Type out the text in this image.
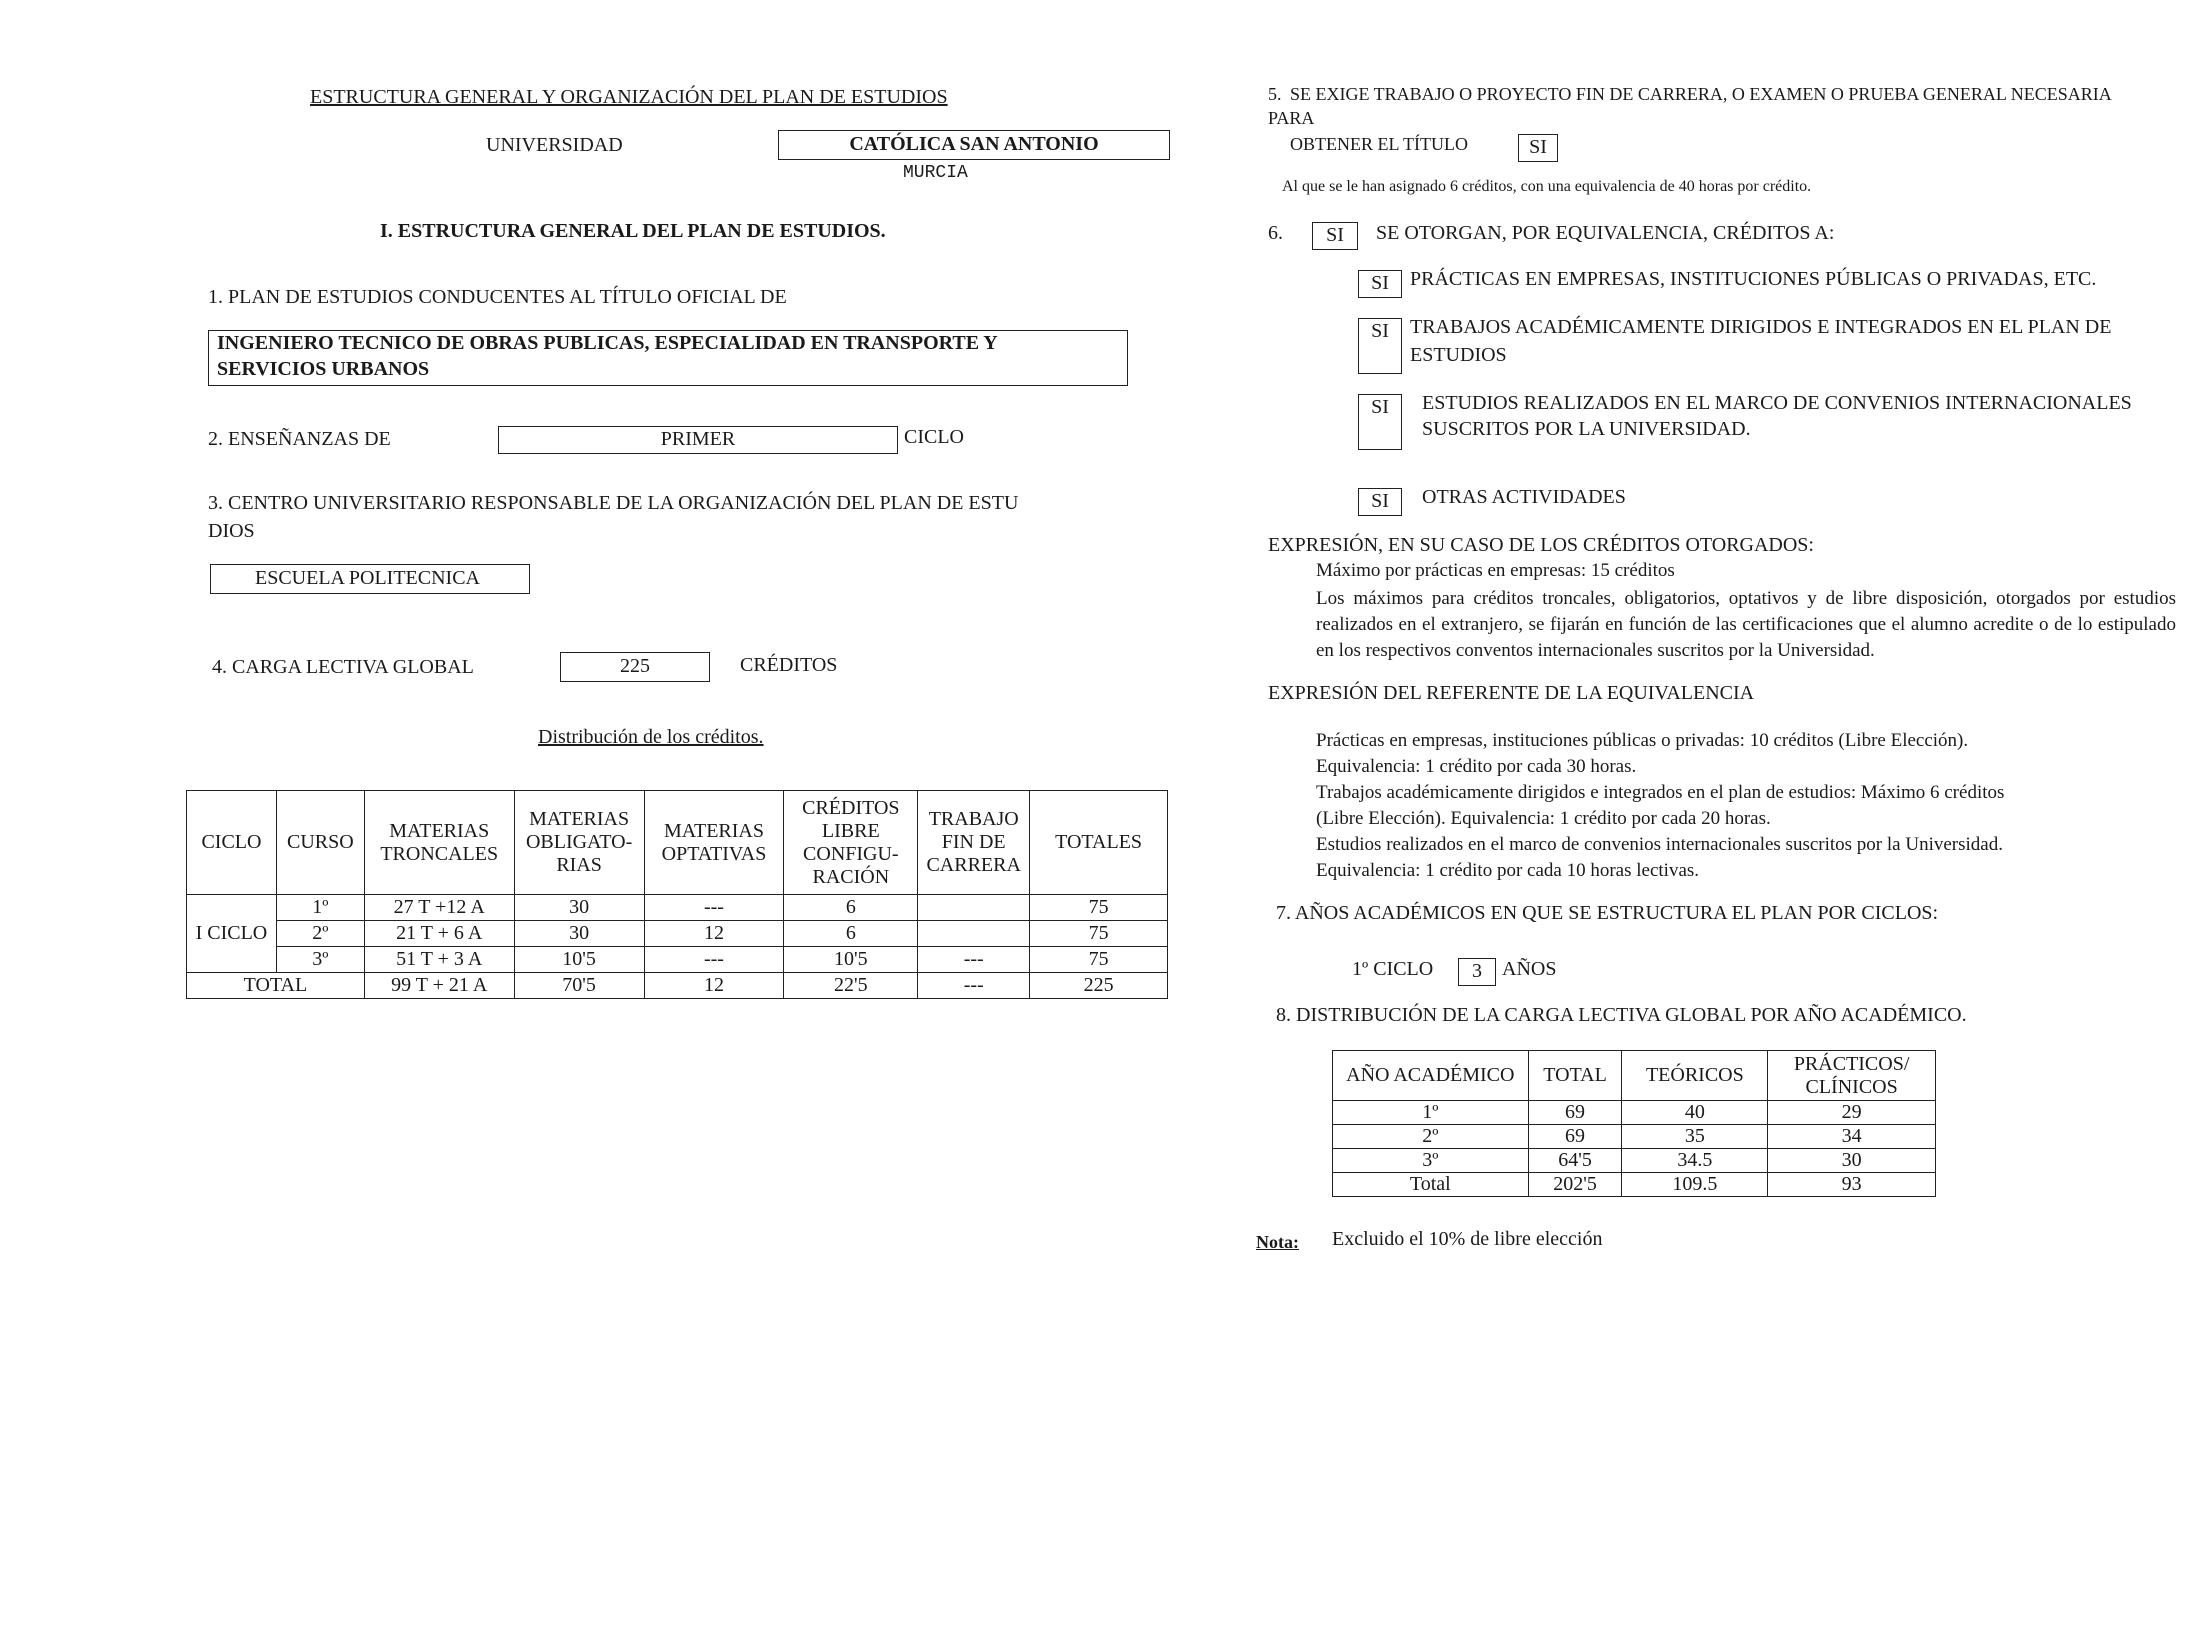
ESTRUCTURA GENERAL Y ORGANIZACIÓN DEL PLAN DE ESTUDIOS
UNIVERSIDAD	CATÓLICA SAN ANTONIO
MURCIA
I. ESTRUCTURA GENERAL DEL PLAN DE ESTUDIOS.
1. PLAN DE ESTUDIOS CONDUCENTES AL TÍTULO OFICIAL DE
INGENIERO TECNICO DE OBRAS PUBLICAS, ESPECIALIDAD EN TRANSPORTE Y
SERVICIOS URBANOS
2. ENSEÑANZAS DE	PRIMER	CICLO
3. CENTRO UNIVERSITARIO RESPONSABLE DE LA ORGANIZACIÓN DEL PLAN DE ESTU
DIOS
ESCUELA POLITECNICA
4. CARGA LECTIVA GLOBAL	225	CRÉDITOS
Distribución de los créditos.
CICLO	CURSO	MATERIAS TRONCALES	MATERIAS OBLIGATO-RIAS	MATERIAS OPTATIVAS	CRÉDITOS LIBRE CONFIGU-RACIÓN	TRABAJO FIN DE CARRERA	TOTALES
I CICLO	1º	27 T +12 A	30	---	6		75
	2º	21 T + 6 A	30	12	6		75
	3º	51 T + 3 A	10'5	---	10'5	---	75
TOTAL		99 T + 21 A	70'5	12	22'5	---	225
5. SE EXIGE TRABAJO O PROYECTO FIN DE CARRERA, O EXAMEN O PRUEBA GENERAL NECESARIA
PARA
OBTENER EL TÍTULO	SI
Al que se le han asignado 6 créditos, con una equivalencia de 40 horas por crédito.
6.	SI	SE OTORGAN, POR EQUIVALENCIA, CRÉDITOS A:
SI	PRÁCTICAS EN EMPRESAS, INSTITUCIONES PÚBLICAS O PRIVADAS, ETC.
SI	TRABAJOS ACADÉMICAMENTE DIRIGIDOS E INTEGRADOS EN EL PLAN DE
ESTUDIOS
SI	ESTUDIOS REALIZADOS EN EL MARCO DE CONVENIOS INTERNACIONALES
SUSCRITOS POR LA UNIVERSIDAD.
SI	OTRAS ACTIVIDADES
EXPRESIÓN, EN SU CASO DE LOS CRÉDITOS OTORGADOS:
Máximo por prácticas en empresas: 15 créditos
Los máximos para créditos troncales, obligatorios, optativos y de libre disposición, otorgados por estudios realizados en el extranjero, se fijarán en función de las certificaciones que el alumno acredite o de lo estipulado en los respectivos conventos internacionales suscritos por la Universidad.
EXPRESIÓN DEL REFERENTE DE LA EQUIVALENCIA
Prácticas en empresas, instituciones públicas o privadas: 10 créditos (Libre Elección).
Equivalencia: 1 crédito por cada 30 horas.
Trabajos académicamente dirigidos e integrados en el plan de estudios: Máximo 6 créditos
(Libre Elección). Equivalencia: 1 crédito por cada 20 horas.
Estudios realizados en el marco de convenios internacionales suscritos por la Universidad.
Equivalencia: 1 crédito por cada 10 horas lectivas.
7. AÑOS ACADÉMICOS EN QUE SE ESTRUCTURA EL PLAN POR CICLOS:
1º CICLO	3	AÑOS
8. DISTRIBUCIÓN DE LA CARGA LECTIVA GLOBAL POR AÑO ACADÉMICO.
AÑO ACADÉMICO	TOTAL	TEÓRICOS	PRÁCTICOS/ CLÍNICOS
1º	69	40	29
2º	69	35	34
3º	64'5	34.5	30
Total	202'5	109.5	93
Nota: Excluido el 10% de libre elección
